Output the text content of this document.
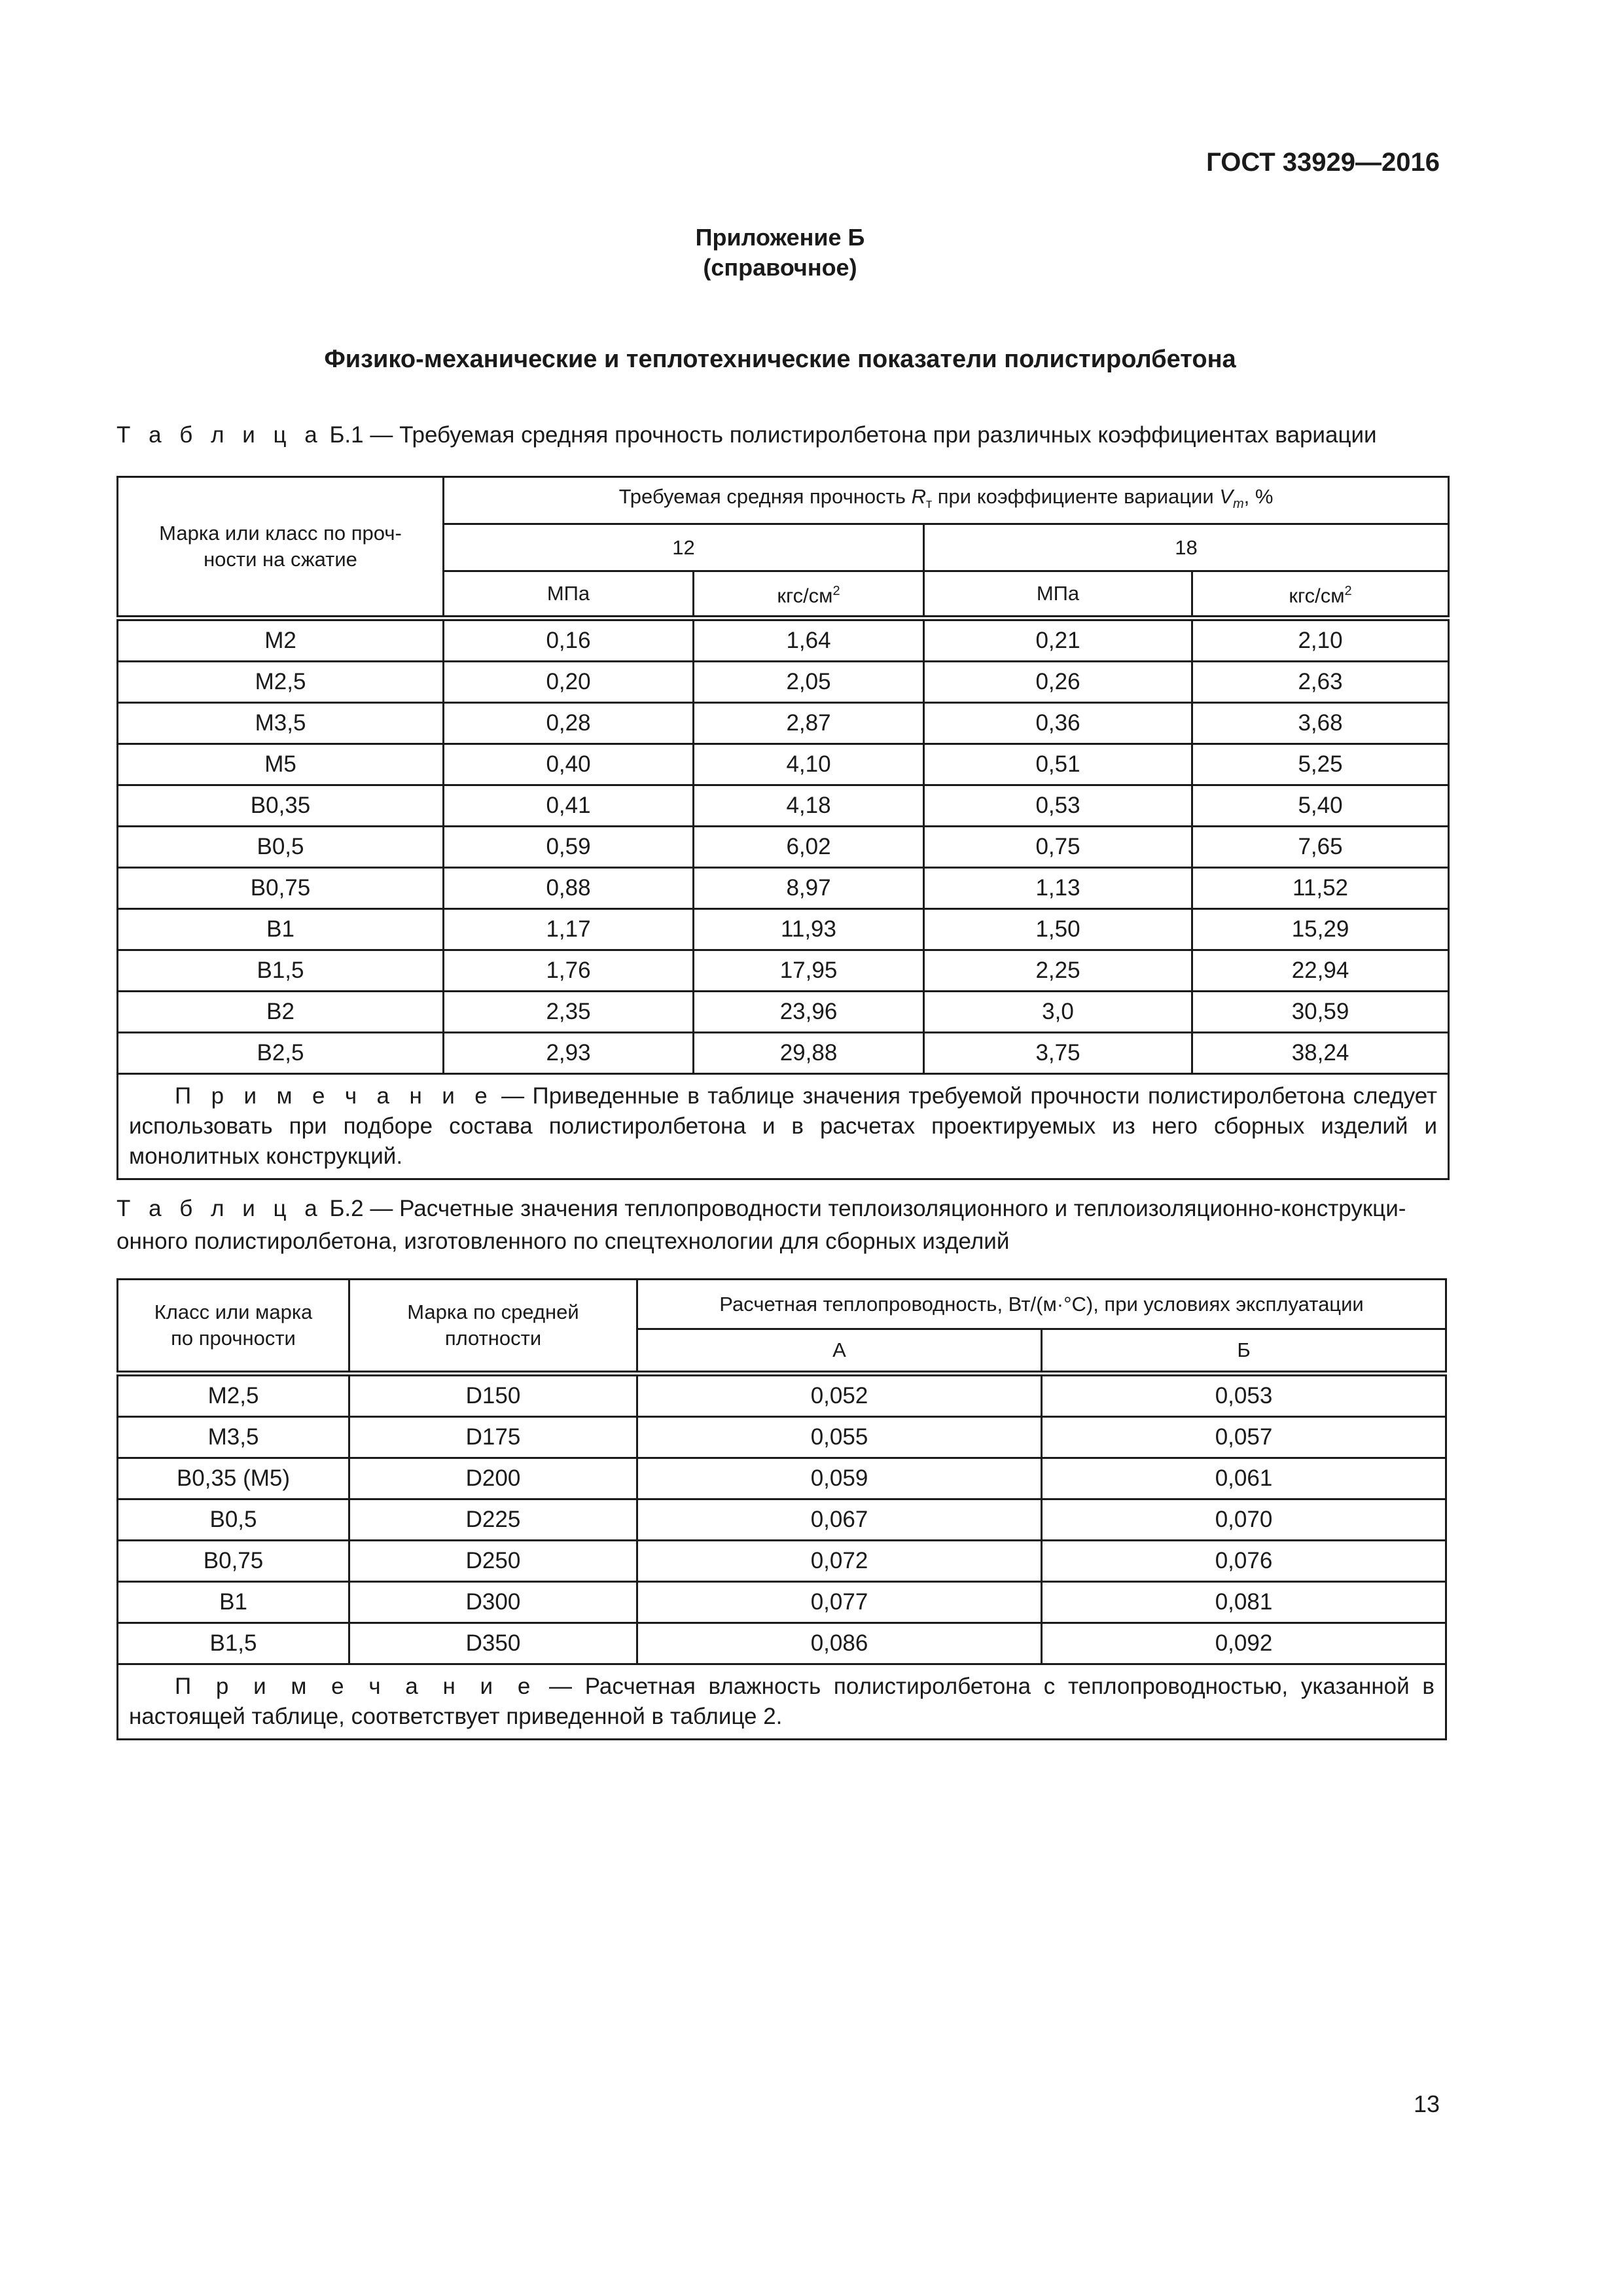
ГОСТ 33929—2016
Приложение Б
(справочное)
Физико-механические и теплотехнические показатели полистиролбетона
Т а б л и ц а Б.1 — Требуемая средняя прочность полистиролбетона при различных коэффициентах вариации
Марка или класс по проч-ности на сжатие	Требуемая средняя прочность $R_т$ при коэффициенте вариации $V_m$, %			
	12		18	
	МПа	кгс/$см^2$	МПа	кгс/$см^2$
М2	0,16	1,64	0,21	2,10
М2,5	0,20	2,05	0,26	2,63
М3,5	0,28	2,87	0,36	3,68
М5	0,40	4,10	0,51	5,25
В0,35	0,41	4,18	0,53	5,40
В0,5	0,59	6,02	0,75	7,65
В0,75	0,88	8,97	1,13	11,52
В1	1,17	11,93	1,50	15,29
В1,5	1,76	17,95	2,25	22,94
В2	2,35	23,96	3,0	30,59
В2,5	2,93	29,88	3,75	38,24
П р и м е ч а н и е — Приведенные в таблице значения требуемой прочности полистиролбетона следует использовать при подборе состава полистиролбетона и в расчетах проектируемых из него сборных изделий и монолитных конструкций.				
Т а б л и ц а Б.2 — Расчетные значения теплопроводности теплоизоляционного и теплоизоляционно-конструкци-онного полистиролбетона, изготовленного по спецтехнологии для сборных изделий
Класс или марка по прочности	Марка по средней плотности	Расчетная теплопроводность, Вт/(м·°С), при условиях эксплуатации	
		А	Б
М2,5	D150	0,052	0,053
М3,5	D175	0,055	0,057
В0,35 (М5)	D200	0,059	0,061
В0,5	D225	0,067	0,070
В0,75	D250	0,072	0,076
В1	D300	0,077	0,081
В1,5	D350	0,086	0,092
П р и м е ч а н и е — Расчетная влажность полистиролбетона с теплопроводностью, указанной в настоящей таблице, соответствует приведенной в таблице 2.			
13
